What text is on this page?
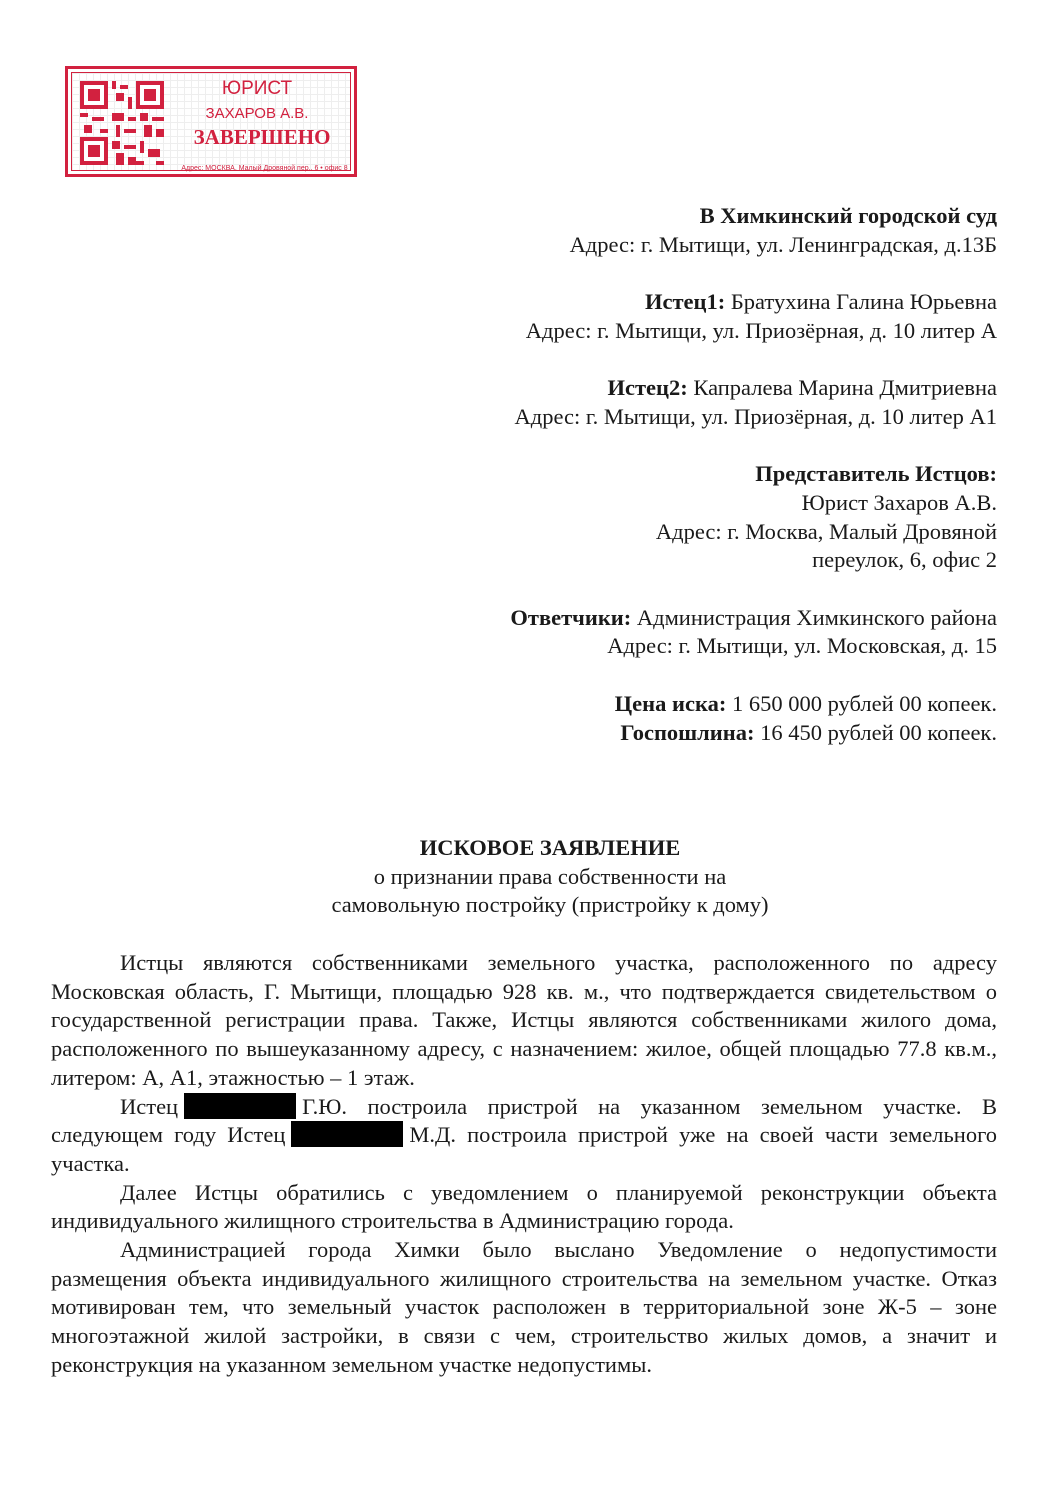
ЮРИСТ
ЗАХАРОВ А.В.
ЗАВЕРШЕНО
Адрес: МОСКВА, Малый Дровяной пер., 6 • офис 8

В Химкинский городской суд

Адрес: г. Мытищи, ул. Ленинградская, д.13Б

Истец1: Братухина Галина Юрьевна

Адрес: г. Мытищи, ул. Приозёрная, д. 10 литер А

Истец2: Капралева Марина Дмитриевна

Адрес: г. Мытищи, ул. Приозёрная, д. 10 литер А1

Представитель Истцов:

Юрист Захаров А.В.

Адрес: г. Москва, Малый Дровяной

переулок, 6, офис 2

Ответчики: Администрация Химкинского района

Адрес: г. Мытищи, ул. Московская, д. 15

Цена иска: 1 650 000 рублей 00 копеек.

Госпошлина: 16 450 рублей 00 копеек.

ИСКОВОЕ ЗАЯВЛЕНИЕ

о признании права собственности на

самовольную постройку (пристройку к дому)

Истцы являются собственниками земельного участка, расположенного по адресу Московская область, Г. Мытищи, площадью 928 кв. м., что подтверждается свидетельством о государственной регистрации права. Также, Истцы являются собственниками жилого дома, расположенного по вышеуказанному адресу, с назначением: жилое, общей площадью 77.8 кв.м., литером: А, А1, этажностью – 1 этаж.

Истец	Г.Ю. построила пристрой на указанном земельном участке. В следующем году Истец	М.Д. построила пристрой уже на своей части земельного участка.

Далее Истцы обратились с уведомлением о планируемой реконструкции объекта индивидуального жилищного строительства в Администрацию города.

Администрацией города Химки было выслано Уведомление о недопустимости размещения объекта индивидуального жилищного строительства на земельном участке. Отказ мотивирован тем, что земельный участок расположен в территориальной зоне Ж-5 – зоне многоэтажной жилой застройки, в связи с чем, строительство жилых домов, а значит и реконструкция на указанном земельном участке недопустимы.
